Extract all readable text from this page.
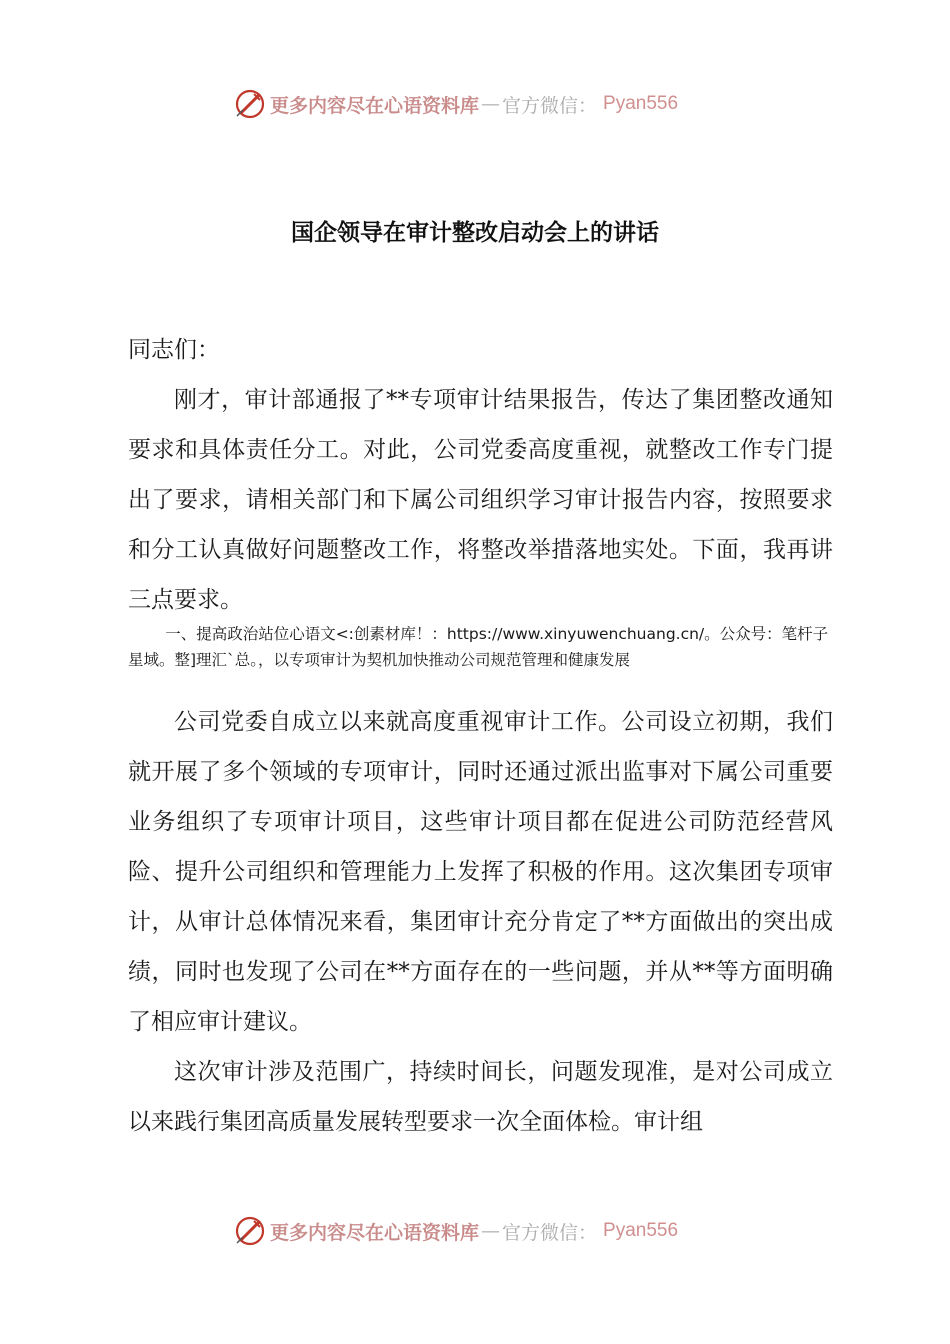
更多内容尽在心语资料库 — 官方微信： Pyan556
国企领导在审计整改启动会上的讲话

同志们：

刚才，审计部通报了**专项审计结果报告，传达了集团整改通知要求和具体责任分工。对此，公司党委高度重视，就整改工作专门提出了要求，请相关部门和下属公司组织学习审计报告内容，按照要求和分工认真做好问题整改工作，将整改举措落地实处。下面，我再讲三点要求。

一、提高政治站位心语文<:创素材库！：https://www.xinyuwenchuang.cn/。公众号：笔杆子星域。整]理汇`总。，以专项审计为契机加快推动公司规范管理和健康发展

公司党委自成立以来就高度重视审计工作。公司设立初期，我们就开展了多个领域的专项审计，同时还通过派出监事对下属公司重要业务组织了专项审计项目，这些审计项目都在促进公司防范经营风险、提升公司组织和管理能力上发挥了积极的作用。这次集团专项审计，从审计总体情况来看，集团审计充分肯定了**方面做出的突出成绩，同时也发现了公司在**方面存在的一些问题，并从**等方面明确了相应审计建议。

这次审计涉及范围广，持续时间长，问题发现准，是对公司成立以来践行集团高质量发展转型要求一次全面体检。审计组

更多内容尽在心语资料库 — 官方微信： Pyan556
